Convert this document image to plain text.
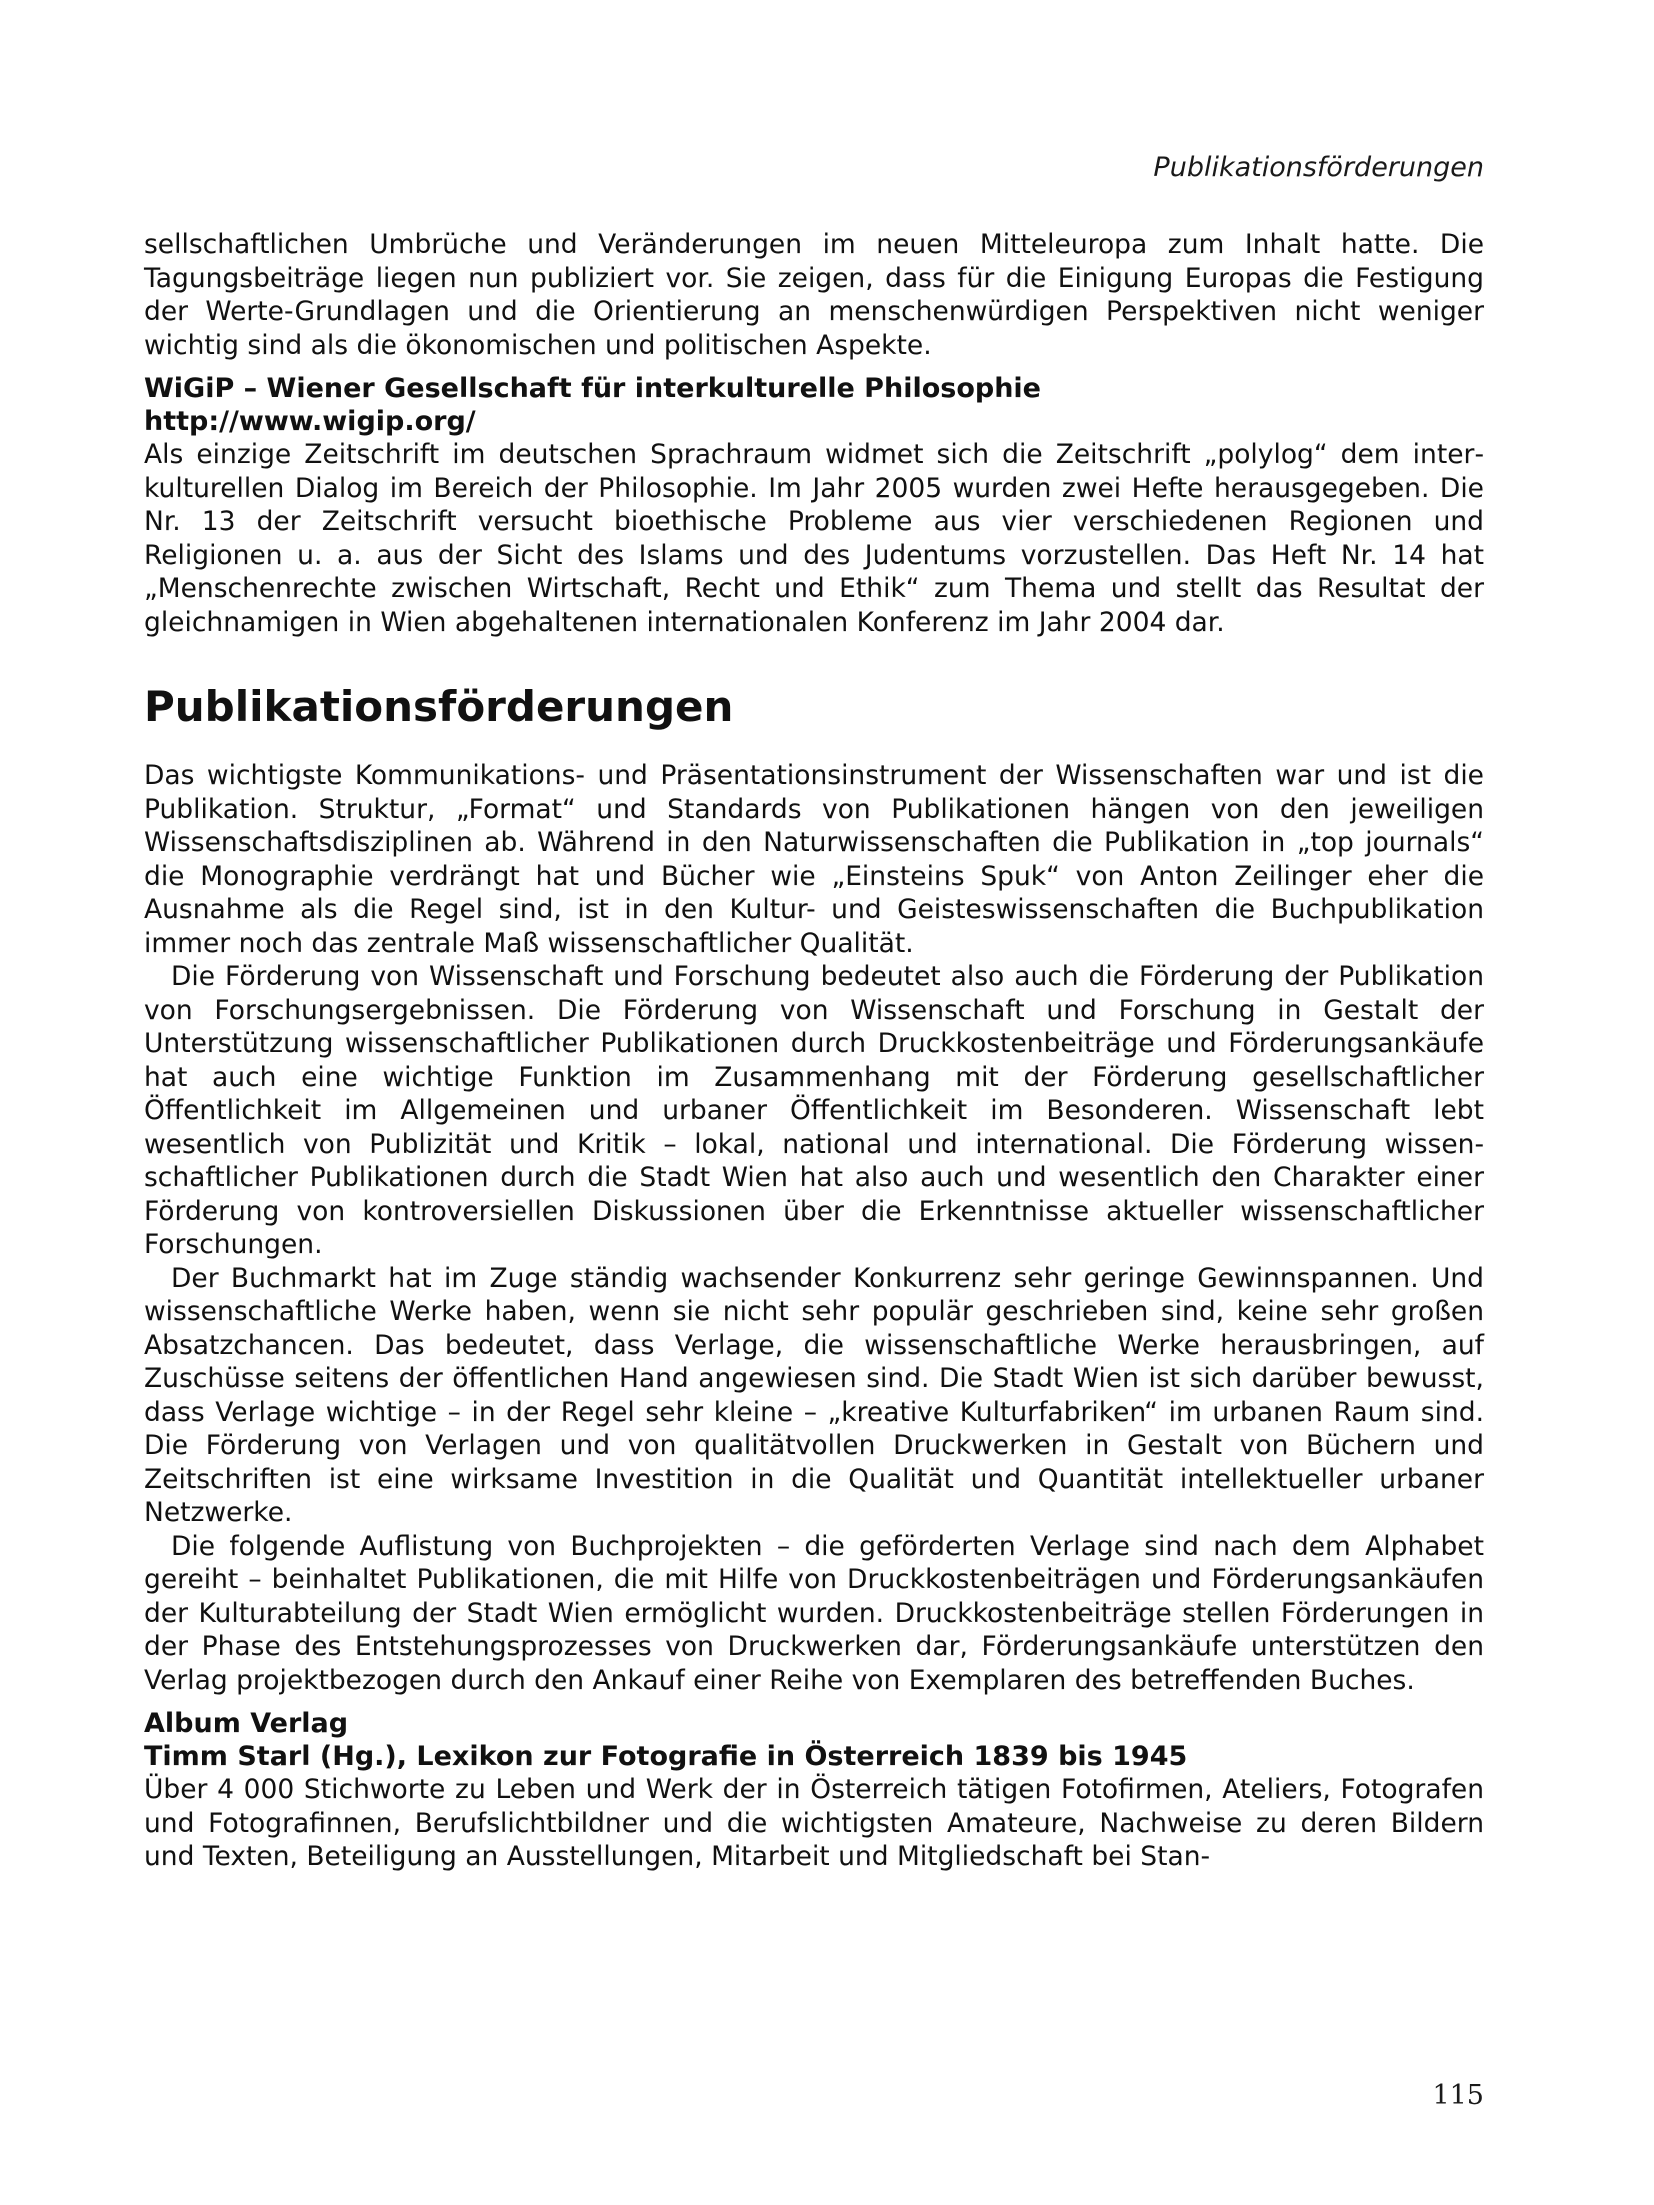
Publikationsförderungen

sellschaftlichen Umbrüche und Veränderungen im neuen Mitteleuropa zum Inhalt hatte. Die Tagungsbeiträge liegen nun publiziert vor. Sie zeigen, dass für die Einigung Europas die Festigung der Werte-Grundlagen und die Orientierung an menschenwürdigen Perspektiven nicht weniger wichtig sind als die ökonomischen und politischen Aspekte.

WiGiP – Wiener Gesellschaft für interkulturelle Philosophie
http://www.wigip.org/

Als einzige Zeitschrift im deutschen Sprachraum widmet sich die Zeitschrift „polylog“ dem interkulturellen Dialog im Bereich der Philosophie. Im Jahr 2005 wurden zwei Hefte herausgegeben. Die Nr. 13 der Zeitschrift versucht bioethische Probleme aus vier verschiedenen Regionen und Religionen u. a. aus der Sicht des Islams und des Judentums vorzustellen. Das Heft Nr. 14 hat „Menschenrechte zwischen Wirtschaft, Recht und Ethik“ zum Thema und stellt das Resultat der gleichnamigen in Wien abgehaltenen internationalen Konferenz im Jahr 2004 dar.

Publikationsförderungen

Das wichtigste Kommunikations- und Präsentationsinstrument der Wissenschaften war und ist die Publikation. Struktur, „Format“ und Standards von Publikationen hängen von den jeweiligen Wissenschaftsdisziplinen ab. Während in den Naturwissenschaften die Publikation in „top journals“ die Monographie verdrängt hat und Bücher wie „Einsteins Spuk“ von Anton Zeilinger eher die Ausnahme als die Regel sind, ist in den Kultur- und Geisteswissenschaften die Buchpublikation immer noch das zentrale Maß wissenschaftlicher Qualität.

Die Förderung von Wissenschaft und Forschung bedeutet also auch die Förderung der Publikation von Forschungsergebnissen. Die Förderung von Wissenschaft und Forschung in Gestalt der Unterstützung wissenschaftlicher Publikationen durch Druckkostenbeiträge und Förderungsankäufe hat auch eine wichtige Funktion im Zusammenhang mit der Förderung gesellschaftlicher Öffentlichkeit im Allgemeinen und urbaner Öffentlichkeit im Besonderen. Wissenschaft lebt wesentlich von Publizität und Kritik – lokal, national und international. Die Förderung wissenschaftlicher Publikationen durch die Stadt Wien hat also auch und wesentlich den Charakter einer Förderung von kontroversiellen Diskussionen über die Erkenntnisse aktueller wissenschaftlicher Forschungen.

Der Buchmarkt hat im Zuge ständig wachsender Konkurrenz sehr geringe Gewinnspannen. Und wissenschaftliche Werke haben, wenn sie nicht sehr populär geschrieben sind, keine sehr großen Absatzchancen. Das bedeutet, dass Verlage, die wissenschaftliche Werke herausbringen, auf Zuschüsse seitens der öffentlichen Hand angewiesen sind. Die Stadt Wien ist sich darüber bewusst, dass Verlage wichtige – in der Regel sehr kleine – „kreative Kulturfabriken“ im urbanen Raum sind. Die Förderung von Verlagen und von qualitätvollen Druckwerken in Gestalt von Büchern und Zeitschriften ist eine wirksame Investition in die Qualität und Quantität intellektueller urbaner Netzwerke.

Die folgende Auflistung von Buchprojekten – die geförderten Verlage sind nach dem Alphabet gereiht – beinhaltet Publikationen, die mit Hilfe von Druckkostenbeiträgen und Förderungsankäufen der Kulturabteilung der Stadt Wien ermöglicht wurden. Druckkostenbeiträge stellen Förderungen in der Phase des Entstehungsprozesses von Druckwerken dar, Förderungsankäufe unterstützen den Verlag projektbezogen durch den Ankauf einer Reihe von Exemplaren des betreffenden Buches.

Album Verlag
Timm Starl (Hg.), Lexikon zur Fotografie in Österreich 1839 bis 1945

Über 4 000 Stichworte zu Leben und Werk der in Österreich tätigen Fotofirmen, Ateliers, Fotografen und Fotografinnen, Berufslichtbildner und die wichtigsten Amateure, Nachweise zu deren Bildern und Texten, Beteiligung an Ausstellungen, Mitarbeit und Mitgliedschaft bei Stan-

115
